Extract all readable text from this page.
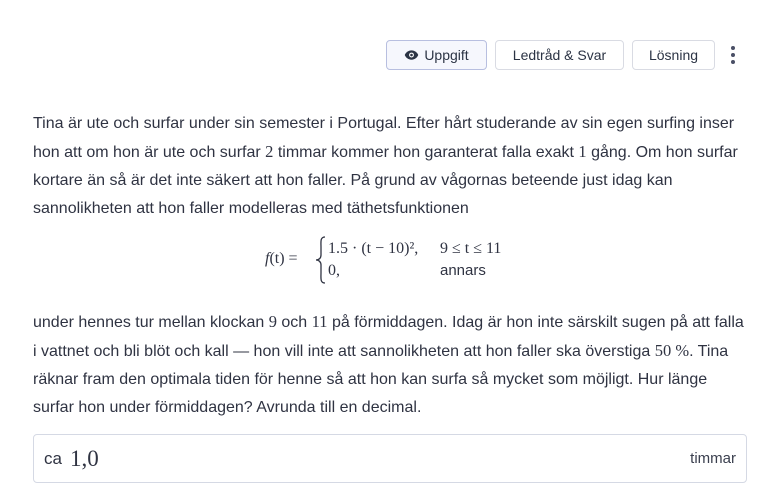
Uppgift	Ledtråd & Svar	Lösning
Tina är ute och surfar under sin semester i Portugal. Efter hårt studerande av sin egen surfing inser hon att om hon är ute och surfar 2 timmar kommer hon garanterat falla exakt 1 gång. Om hon surfar kortare än så är det inte säkert att hon faller. På grund av vågornas beteende just idag kan sannolikheten att hon faller modelleras med täthetsfunktionen
f(t) =
1.5 · (t − 10)², 9 ≤ t ≤ 11
0,	annars
under hennes tur mellan klockan 9 och 11 på förmiddagen. Idag är hon inte särskilt sugen på att falla i vattnet och bli blöt och kall — hon vill inte att sannolikheten att hon faller ska överstiga 50 %. Tina räknar fram den optimala tiden för henne så att hon kan surfa så mycket som möjligt. Hur länge surfar hon under förmiddagen? Avrunda till en decimal.
ca 1,0	timmar
